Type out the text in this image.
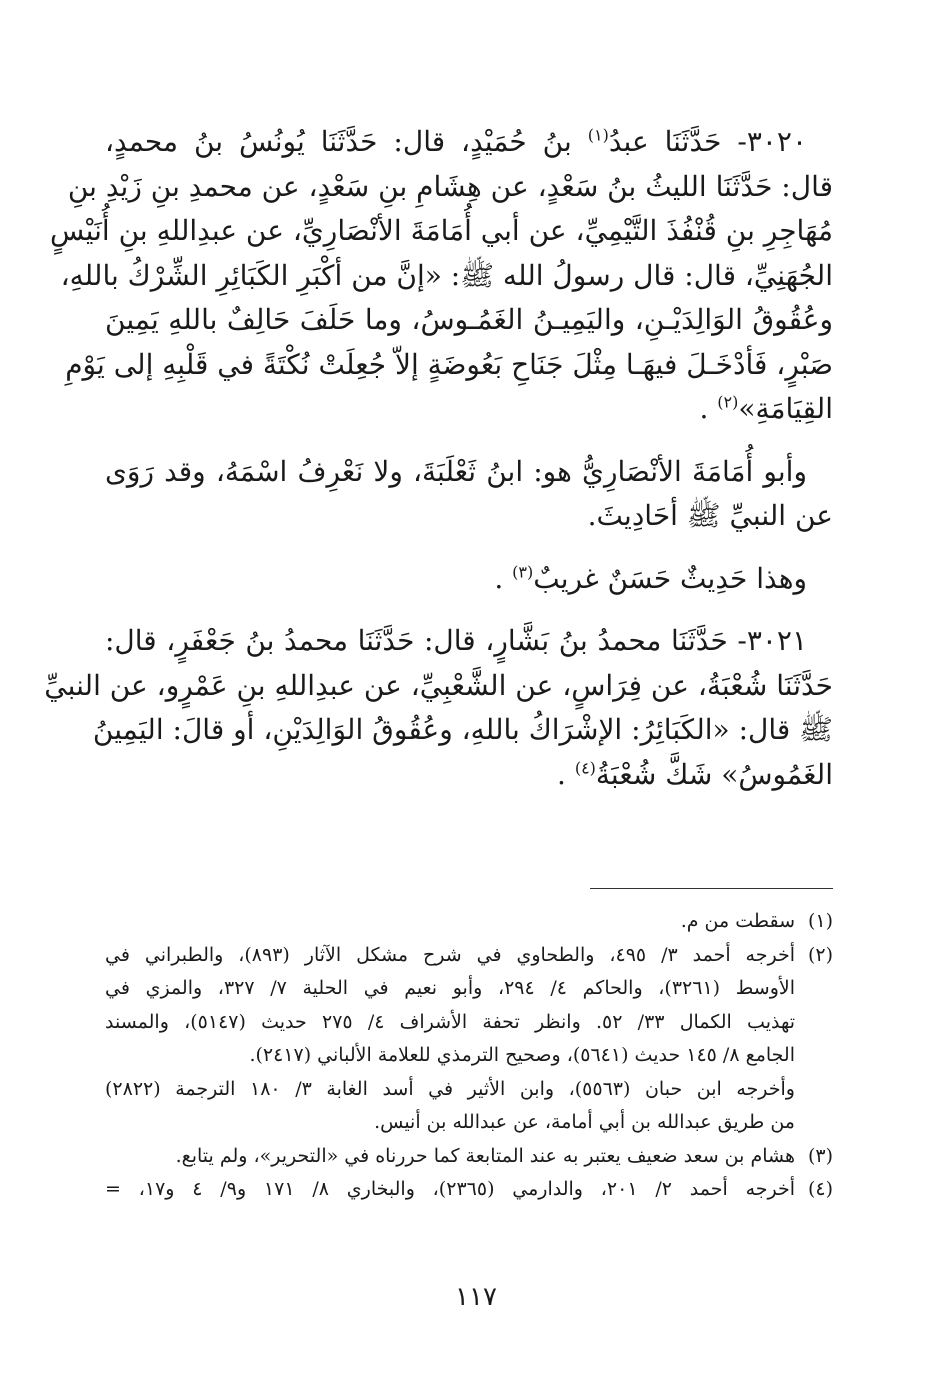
٣٠٢٠- حَدَّثَنَا عبدُ$^{(١)}$ بنُ حُمَيْدٍ، قال: حَدَّثَنَا يُونُسُ بنُ محمدٍ،
قال: حَدَّثَنَا الليثُ بنُ سَعْدٍ، عن هِشَامِ بنِ سَعْدٍ، عن محمدِ بنِ زَيْدِ بنِ
مُهَاجِرِ بنِ قُنْفُذَ التَّيْمِيِّ، عن أبي أُمَامَةَ الأنْصَارِيِّ، عن عبدِاللهِ بنِ أُنَيْسٍ
الجُهَنِيِّ، قال: قال رسولُ الله ﷺ: «إنَّ من أكْبَرِ الكَبَائِرِ الشِّرْكُ باللهِ،
وعُقُوقُ الوَالِدَيْـنِ، واليَمِيـنُ الغَمُـوسُ، وما حَلَفَ حَالِفٌ باللهِ يَمِينَ
صَبْرٍ، فَأدْخَـلَ فيهَـا مِثْلَ جَنَاحِ بَعُوضَةٍ إلاّ جُعِلَتْ نُكْتَةً في قَلْبِهِ إلى يَوْمِ
القِيَامَةِ»$^{(٢)}$ .
وأبو أُمَامَةَ الأنْصَارِيُّ هو: ابنُ ثَعْلَبَةَ، ولا نَعْرِفُ اسْمَهُ، وقد رَوَى
عن النبيِّ ﷺ أحَادِيثَ.
وهذا حَدِيثٌ حَسَنٌ غريبٌ$^{(٣)}$ .
٣٠٢١- حَدَّثَنَا محمدُ بنُ بَشَّارٍ، قال: حَدَّثَنَا محمدُ بنُ جَعْفَرٍ، قال:
حَدَّثَنَا شُعْبَةُ، عن فِرَاسٍ، عن الشَّعْبِيِّ، عن عبدِاللهِ بنِ عَمْرٍو، عن النبيِّ
ﷺ قال: «الكَبَائِرُ: الإشْرَاكُ باللهِ، وعُقُوقُ الوَالِدَيْنِ، أو قالَ: اليَمِينُ
الغَمُوسُ» شَكَّ شُعْبَةُ$^{(٤)}$ .
(١)
سقطت من م.
(٢)
أخرجه أحمد ٣/ ٤٩٥، والطحاوي في شرح مشكل الآثار (٨٩٣)، والطبراني في
الأوسط (٣٢٦١)، والحاكم ٤/ ٢٩٤، وأبو نعيم في الحلية ٧/ ٣٢٧، والمزي في
تهذيب الكمال ٣٣/ ٥٢. وانظر تحفة الأشراف ٤/ ٢٧٥ حديث (٥١٤٧)، والمسند
الجامع ٨/ ١٤٥ حديث (٥٦٤١)، وصحيح الترمذي للعلامة الألباني (٢٤١٧).
وأخرجه ابن حبان (٥٥٦٣)، وابن الأثير في أسد الغابة ٣/ ١٨٠ الترجمة (٢٨٢٢)
من طريق عبدالله بن أبي أمامة، عن عبدالله بن أنيس.
(٣)
هشام بن سعد ضعيف يعتبر به عند المتابعة كما حررناه في «التحرير»، ولم يتابع.
(٤)
أخرجه أحمد ٢/ ٢٠١، والدارمي (٢٣٦٥)، والبخاري ٨/ ١٧١ و٩/ ٤ و١٧، =
١١٧
